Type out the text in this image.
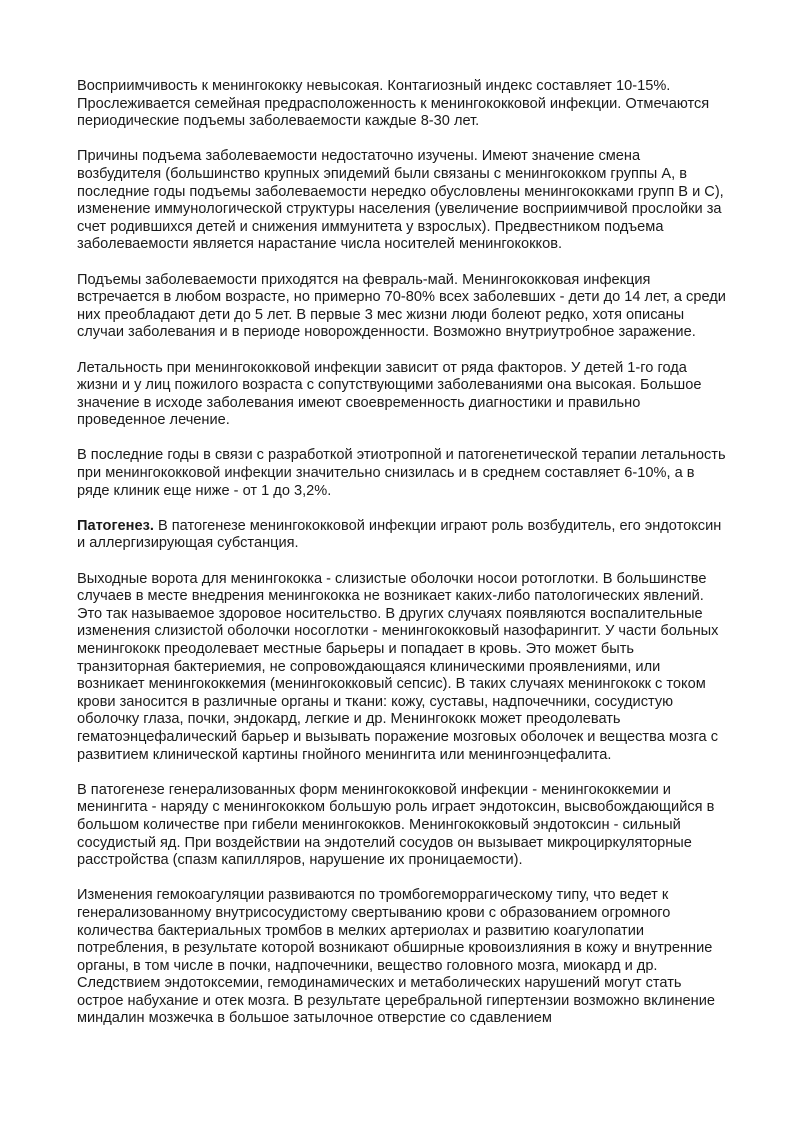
Восприимчивость к менингококку невысокая. Контагиозный индекс составляет 10-15%. Прослеживается семейная предрасположенность к менингококковой инфекции. Отмечаются периодические подъемы заболеваемости каждые 8-30 лет.

Причины подъема заболеваемости недостаточно изучены. Имеют значение смена возбудителя (большинство крупных эпидемий были связаны с менингококком группы А, в последние годы подъемы заболеваемости нередко обусловлены менингококками групп В и С), изменение иммунологической структуры населения (увеличение восприимчивой прослойки за счет родившихся детей и снижения иммунитета у взрослых). Предвестником подъема заболеваемости является нарастание числа носителей менингококков.

Подъемы заболеваемости приходятся на февраль-май. Менингококковая инфекция встречается в любом возрасте, но примерно 70-80% всех заболевших - дети до 14 лет, а среди них преобладают дети до 5 лет. В первые 3 мес жизни люди болеют редко, хотя описаны случаи заболевания и в периоде новорожденности. Возможно внутриутробное заражение.

Летальность при менингококковой инфекции зависит от ряда факторов. У детей 1-го года жизни и у лиц пожилого возраста с сопутствующими заболеваниями она высокая. Большое значение в исходе заболевания имеют своевременность диагностики и правильно проведенное лечение.

В последние годы в связи с разработкой этиотропной и патогенетической терапии летальность при менингококковой инфекции значительно снизилась и в среднем составляет 6-10%, а в ряде клиник еще ниже - от 1 до 3,2%.

Патогенез. В патогенезе менингококковой инфекции играют роль возбудитель, его эндотоксин и аллергизирующая субстанция.

Выходные ворота для менингококка - слизистые оболочки носои ротоглотки. В большинстве случаев в месте внедрения менингококка не возникает каких-либо патологических явлений. Это так называемое здоровое носительство. В других случаях появляются воспалительные изменения слизистой оболочки носоглотки - менингококковый назофарингит. У части больных менингококк преодолевает местные барьеры и попадает в кровь. Это может быть транзиторная бактериемия, не сопровождающаяся клиническими проявлениями, или возникает менингококкемия (менингококковый сепсис). В таких случаях менингококк с током крови заносится в различные органы и ткани: кожу, суставы, надпочечники, сосудистую оболочку глаза, почки, эндокард, легкие и др. Менингококк может преодолевать гематоэнцефалический барьер и вызывать поражение мозговых оболочек и вещества мозга с развитием клинической картины гнойного менингита или менингоэнцефалита.

В патогенезе генерализованных форм менингококковой инфекции - менингококкемии и менингита - наряду с менингококком большую роль играет эндотоксин, высвобождающийся в большом количестве при гибели менингококков. Менингококковый эндотоксин - сильный сосудистый яд. При воздействии на эндотелий сосудов он вызывает микроциркуляторные расстройства (спазм капилляров, нарушение их проницаемости).

Изменения гемокоагуляции развиваются по тромбогеморрагическому типу, что ведет к генерализованному внутрисосудистому свертыванию крови с образованием огромного количества бактериальных тромбов в мелких артериолах и развитию коагулопатии потребления, в результате которой возникают обширные кровоизлияния в кожу и внутренние органы, в том числе в почки, надпочечники, вещество головного мозга, миокард и др. Следствием эндотоксемии, гемодинамических и метаболических нарушений могут стать острое набухание и отек мозга. В результате церебральной гипертензии возможно вклинение миндалин мозжечка в большое затылочное отверстие со сдавлением
